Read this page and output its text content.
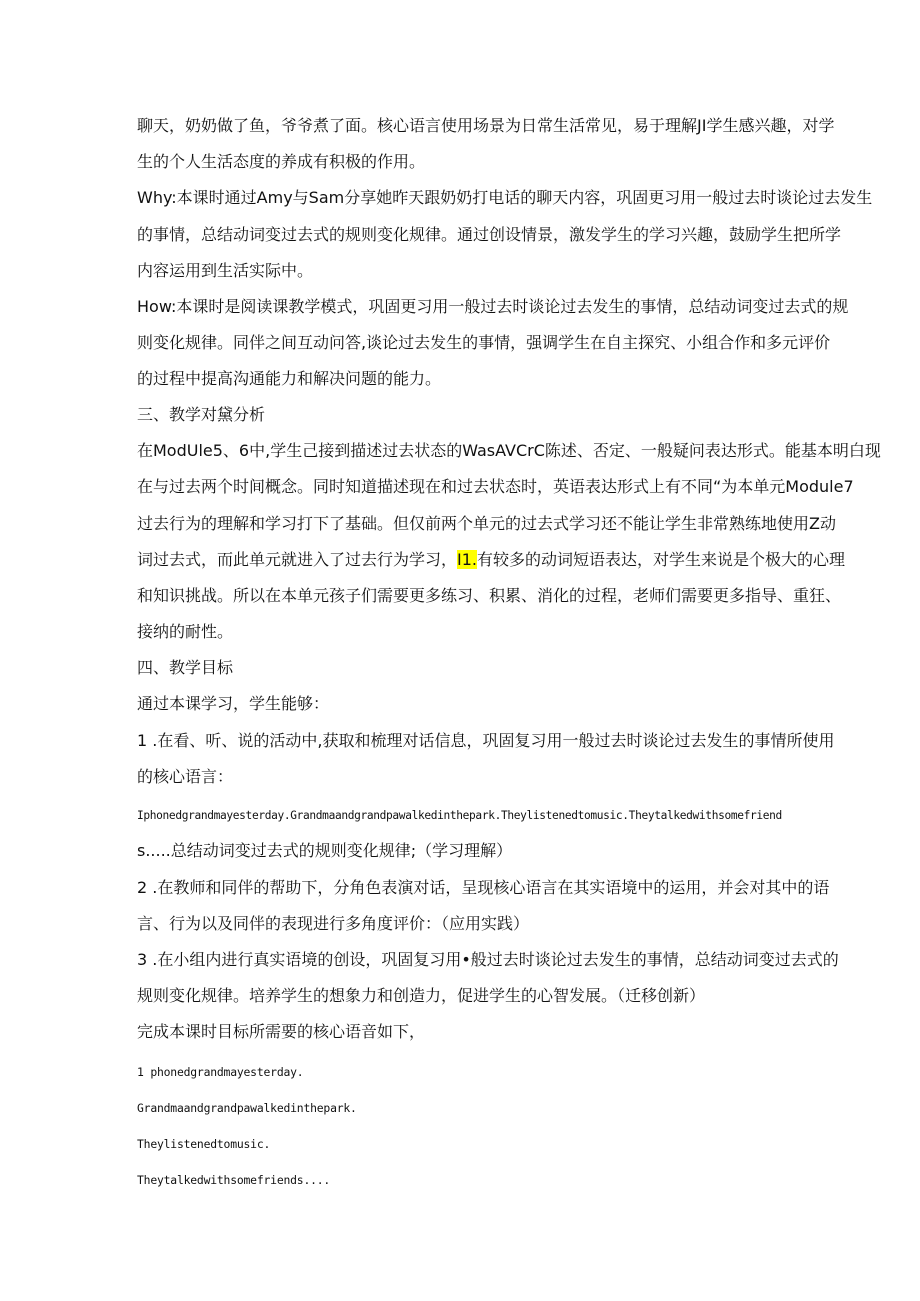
聊天，奶奶做了鱼，爷爷煮了面。核心语言使用场景为日常生活常见，易于理解JI学生感兴趣，对学
生的个人生活态度的养成有积极的作用。
Why:本课时通过Amy与Sam分享她昨天跟奶奶打电话的聊天内容，巩固更习用一般过去时谈论过去发生
的事情，总结动词变过去式的规则变化规律。通过创设情景，激发学生的学习兴趣，鼓励学生把所学
内容运用到生活实际中。
How:本课时是阅读课教学模式，巩固更习用一般过去时谈论过去发生的事情，总结动词变过去式的规
则变化规律。同伴之间互动问答,谈论过去发生的事情，强调学生在自主探究、小组合作和多元评价
的过程中提高沟通能力和解决问题的能力。
三、教学对黛分析
在ModUle5、6中,学生己接到描述过去状态的WasAVCrC陈述、否定、一般疑问表达形式。能基本明白现
在与过去两个时间概念。同时知道描述现在和过去状态时，英语表达形式上有不同“为本单元Module7
过去行为的理解和学习打下了基础。但仅前两个单元的过去式学习还不能让学生非常熟练地使用Z动
词过去式，而此单元就进入了过去行为学习，I1.有较多的动词短语表达，对学生来说是个极大的心理
和知识挑战。所以在本单元孩子们需要更多练习、积累、消化的过程，老师们需要更多指导、重狂、
接纳的耐性。
四、教学目标
通过本课学习，学生能够：
1 .在看、听、说的活动中,获取和梳理对话信息，巩固复习用一般过去时谈论过去发生的事情所使用
的核心语言：
Iphonedgrandmayesterday.Grandmaandgrandpawalkedinthepark.Theylistenedtomusic.Theytalkedwithsomefriend
s.....总结动词变过去式的规则变化规律;（学习理解）
2 .在教师和同伴的帮助下，分角色表演对话，呈现核心语言在其实语境中的运用，并会对其中的语
言、行为以及同伴的表现进行多角度评价：（应用实践）
3 .在小组内进行真实语境的创设，巩固复习用•般过去时谈论过去发生的事情，总结动词变过去式的
规则变化规律。培养学生的想象力和创造力，促进学生的心智发展。（迁移创新）
完成本课时目标所需要的核心语音如下，
1 phonedgrandmayesterday.
Grandmaandgrandpawalkedinthepark.
Theylistenedtomusic.
Theytalkedwithsomefriends....
